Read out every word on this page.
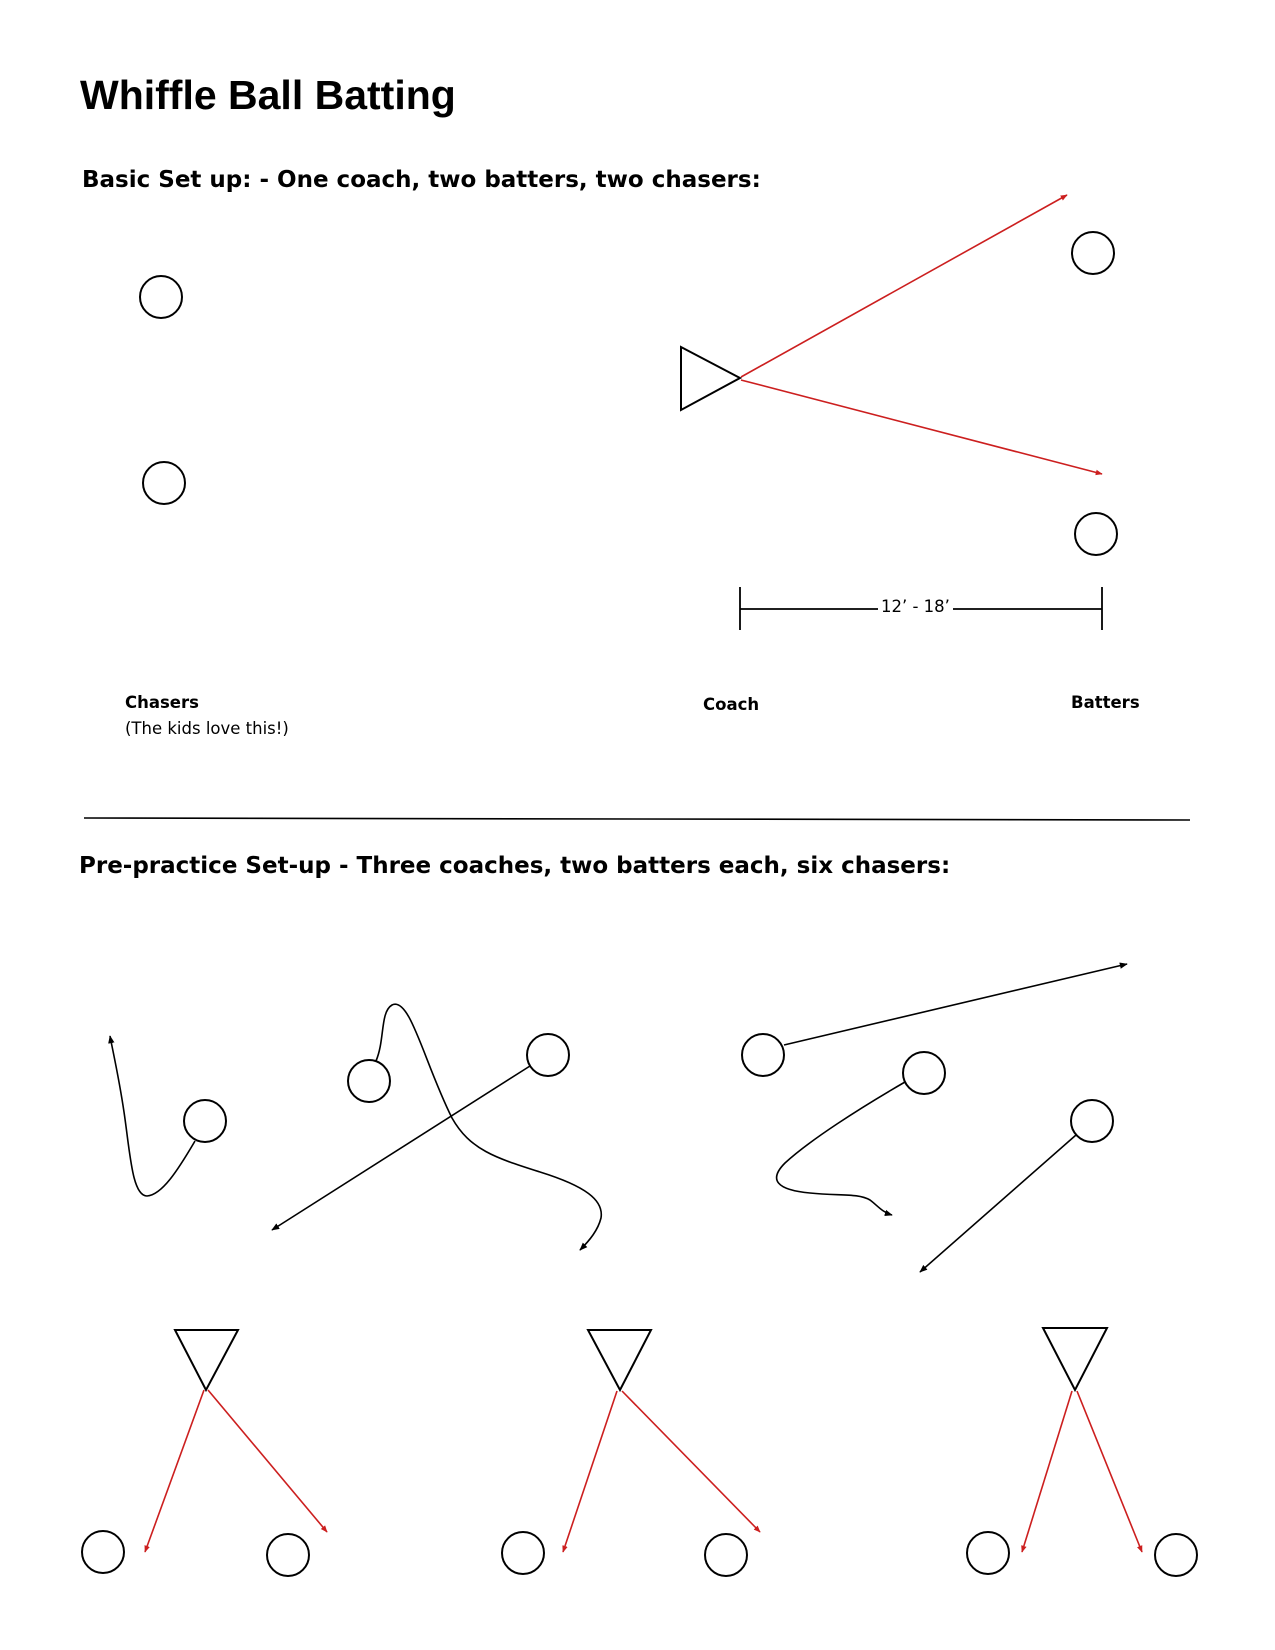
Whiffle Ball Batting
Basic Set up: - One coach, two batters, two chasers:
12’ - 18’
Chasers
(The kids love this!)
Coach	Batters
Pre-practice Set-up - Three coaches, two batters each, six chasers:
